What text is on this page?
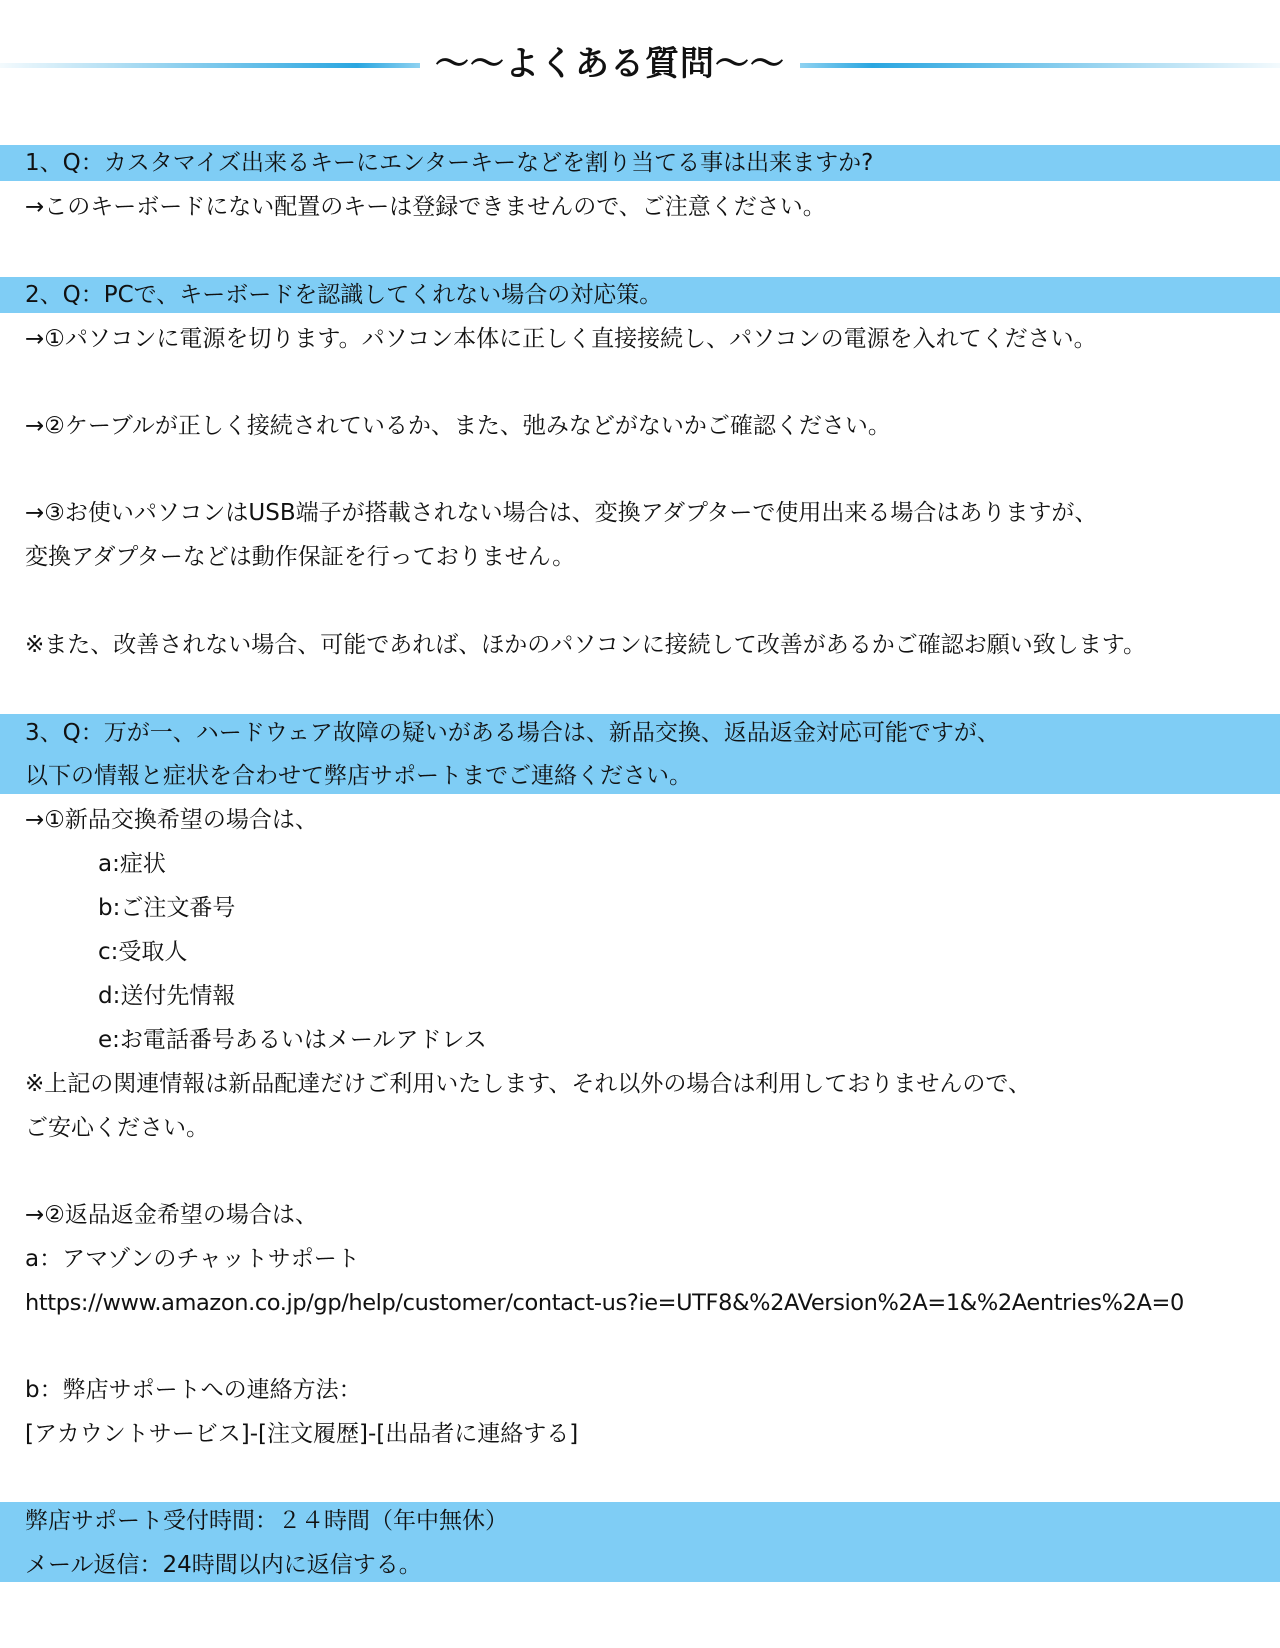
～～よくある質問～～
1、Q：カスタマイズ出来るキーにエンターキーなどを割り当てる事は出来ますか?
→このキーボードにない配置のキーは登録できませんので、ご注意ください。
2、Q：PCで、キーボードを認識してくれない場合の対応策。
→①パソコンに電源を切ります。パソコン本体に正しく直接接続し、パソコンの電源を入れてください。
→②ケーブルが正しく接続されているか、また、弛みなどがないかご確認ください。
→③お使いパソコンはUSB端子が搭載されない場合は、変換アダプターで使用出来る場合はありますが、
変換アダプターなどは動作保証を行っておりません。
※また、改善されない場合、可能であれば、ほかのパソコンに接続して改善があるかご確認お願い致します。
3、Q：万が一、ハードウェア故障の疑いがある場合は、新品交換、返品返金対応可能ですが、
以下の情報と症状を合わせて弊店サポートまでご連絡ください。
→①新品交換希望の場合は、
a:症状
b:ご注文番号
c:受取人
d:送付先情報
e:お電話番号あるいはメールアドレス
※上記の関連情報は新品配達だけご利用いたします、それ以外の場合は利用しておりませんので、
ご安心ください。
→②返品返金希望の場合は、
a：アマゾンのチャットサポート
https://www.amazon.co.jp/gp/help/customer/contact-us?ie=UTF8&%2AVersion%2A=1&%2Aentries%2A=0
b：弊店サポートへの連絡方法：
[アカウントサービス]-[注文履歴]-[出品者に連絡する]
弊店サポート受付時間：２４時間（年中無休）
メール返信：24時間以内に返信する。
